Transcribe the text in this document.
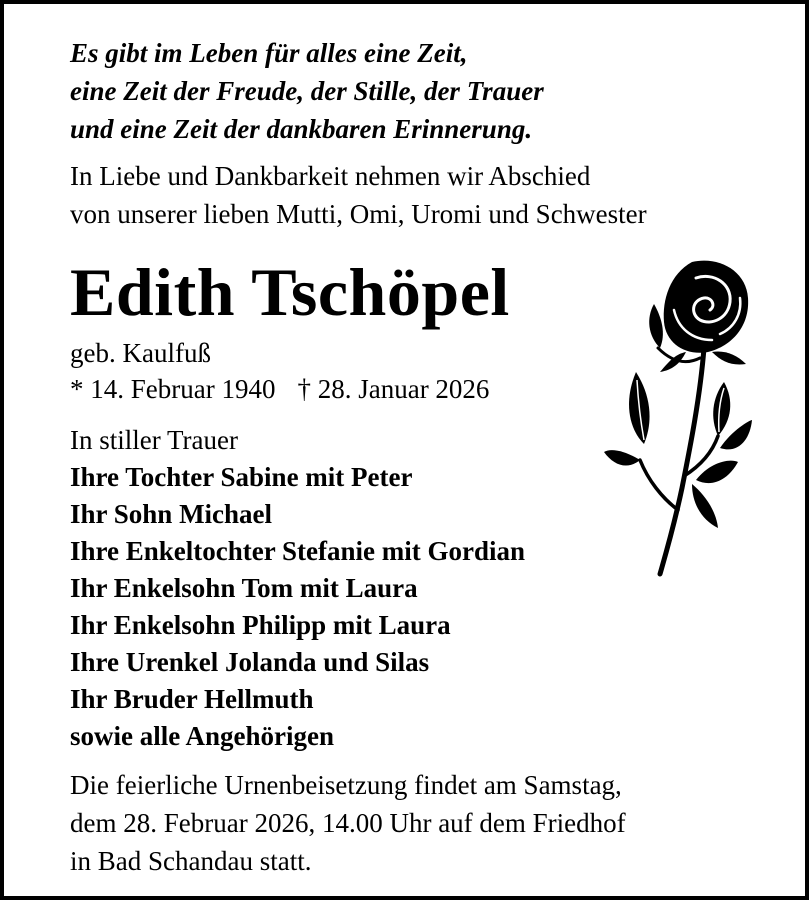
Es gibt im Leben für alles eine Zeit,
eine Zeit der Freude, der Stille, der Trauer
und eine Zeit der dankbaren Erinnerung.
In Liebe und Dankbarkeit nehmen wir Abschied
von unserer lieben Mutti, Omi, Uromi und Schwester
Edith Tschöpel
geb. Kaulfuß
* 14. Februar 1940 † 28. Januar 2026
In stiller Trauer
Ihre Tochter Sabine mit Peter
Ihr Sohn Michael
Ihre Enkeltochter Stefanie mit Gordian
Ihr Enkelsohn Tom mit Laura
Ihr Enkelsohn Philipp mit Laura
Ihre Urenkel Jolanda und Silas
Ihr Bruder Hellmuth
sowie alle Angehörigen
Die feierliche Urnenbeisetzung findet am Samstag,
dem 28. Februar 2026, 14.00 Uhr auf dem Friedhof
in Bad Schandau statt.
